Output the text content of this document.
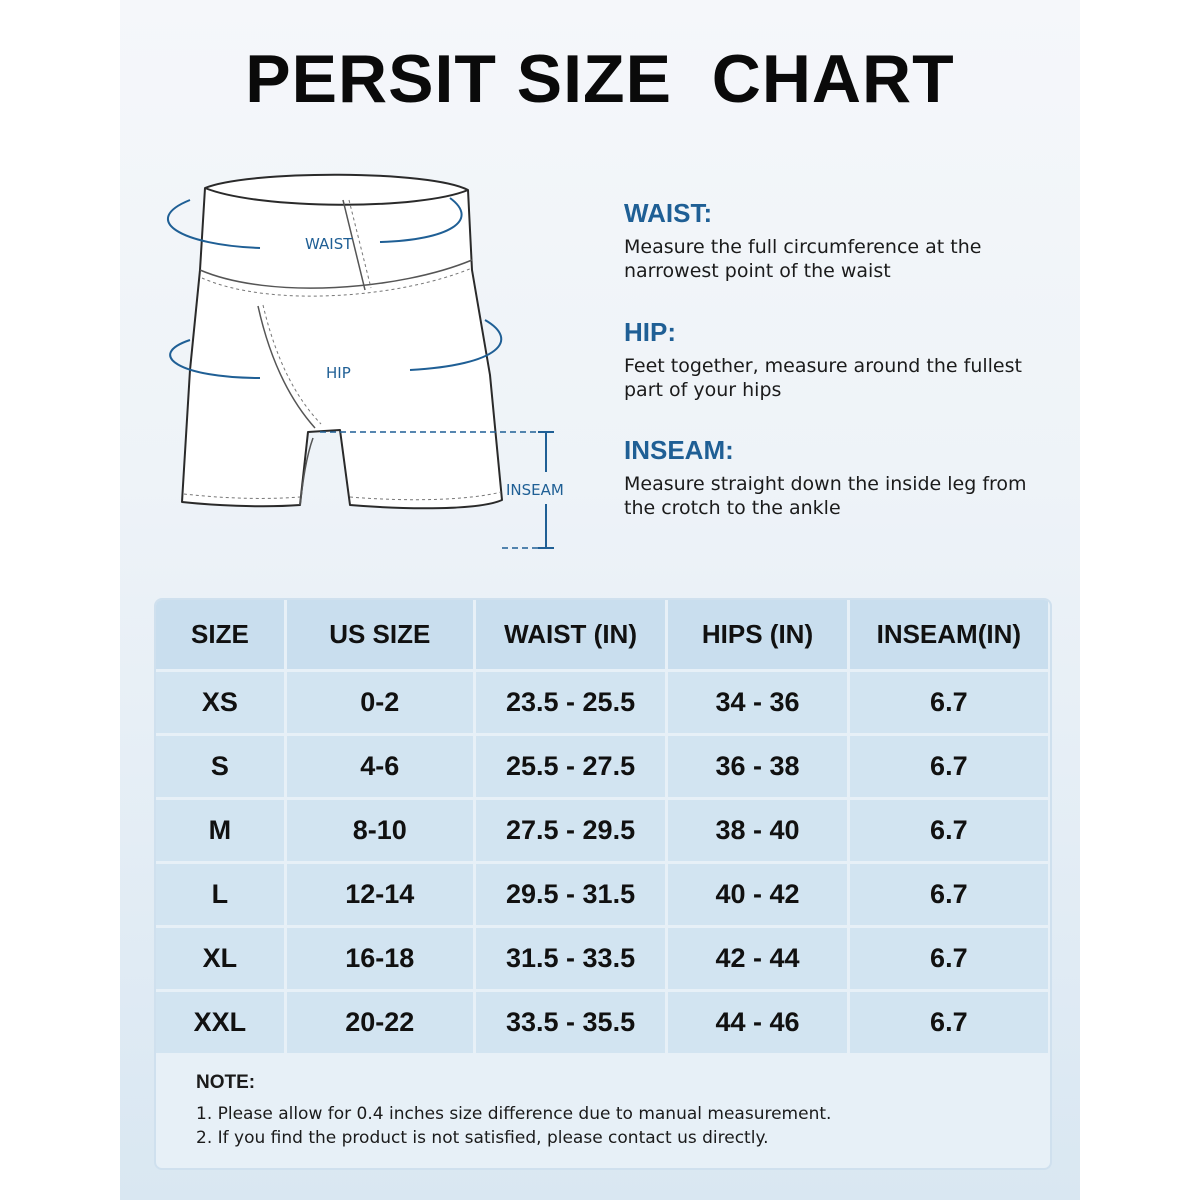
PERSIT SIZE  CHART
WAIST
HIP
INSEAM
WAIST:
Measure the full circumference at the narrowest point of the waist
HIP:
Feet together, measure around the fullest part of your hips
INSEAM:
Measure straight down the inside leg from the crotch to the ankle
SIZE	US SIZE	WAIST (IN)	HIPS (IN)	INSEAM(IN)
XS	0-2	23.5 - 25.5	34 - 36	6.7
S	4-6	25.5 - 27.5	36 - 38	6.7
M	8-10	27.5 - 29.5	38 - 40	6.7
L	12-14	29.5 - 31.5	40 - 42	6.7
XL	16-18	31.5 - 33.5	42 - 44	6.7
XXL	20-22	33.5 - 35.5	44 - 46	6.7
NOTE:
1. Please allow for 0.4 inches size difference due to manual measurement.
2. If you find the product is not satisfied, please contact us directly.
